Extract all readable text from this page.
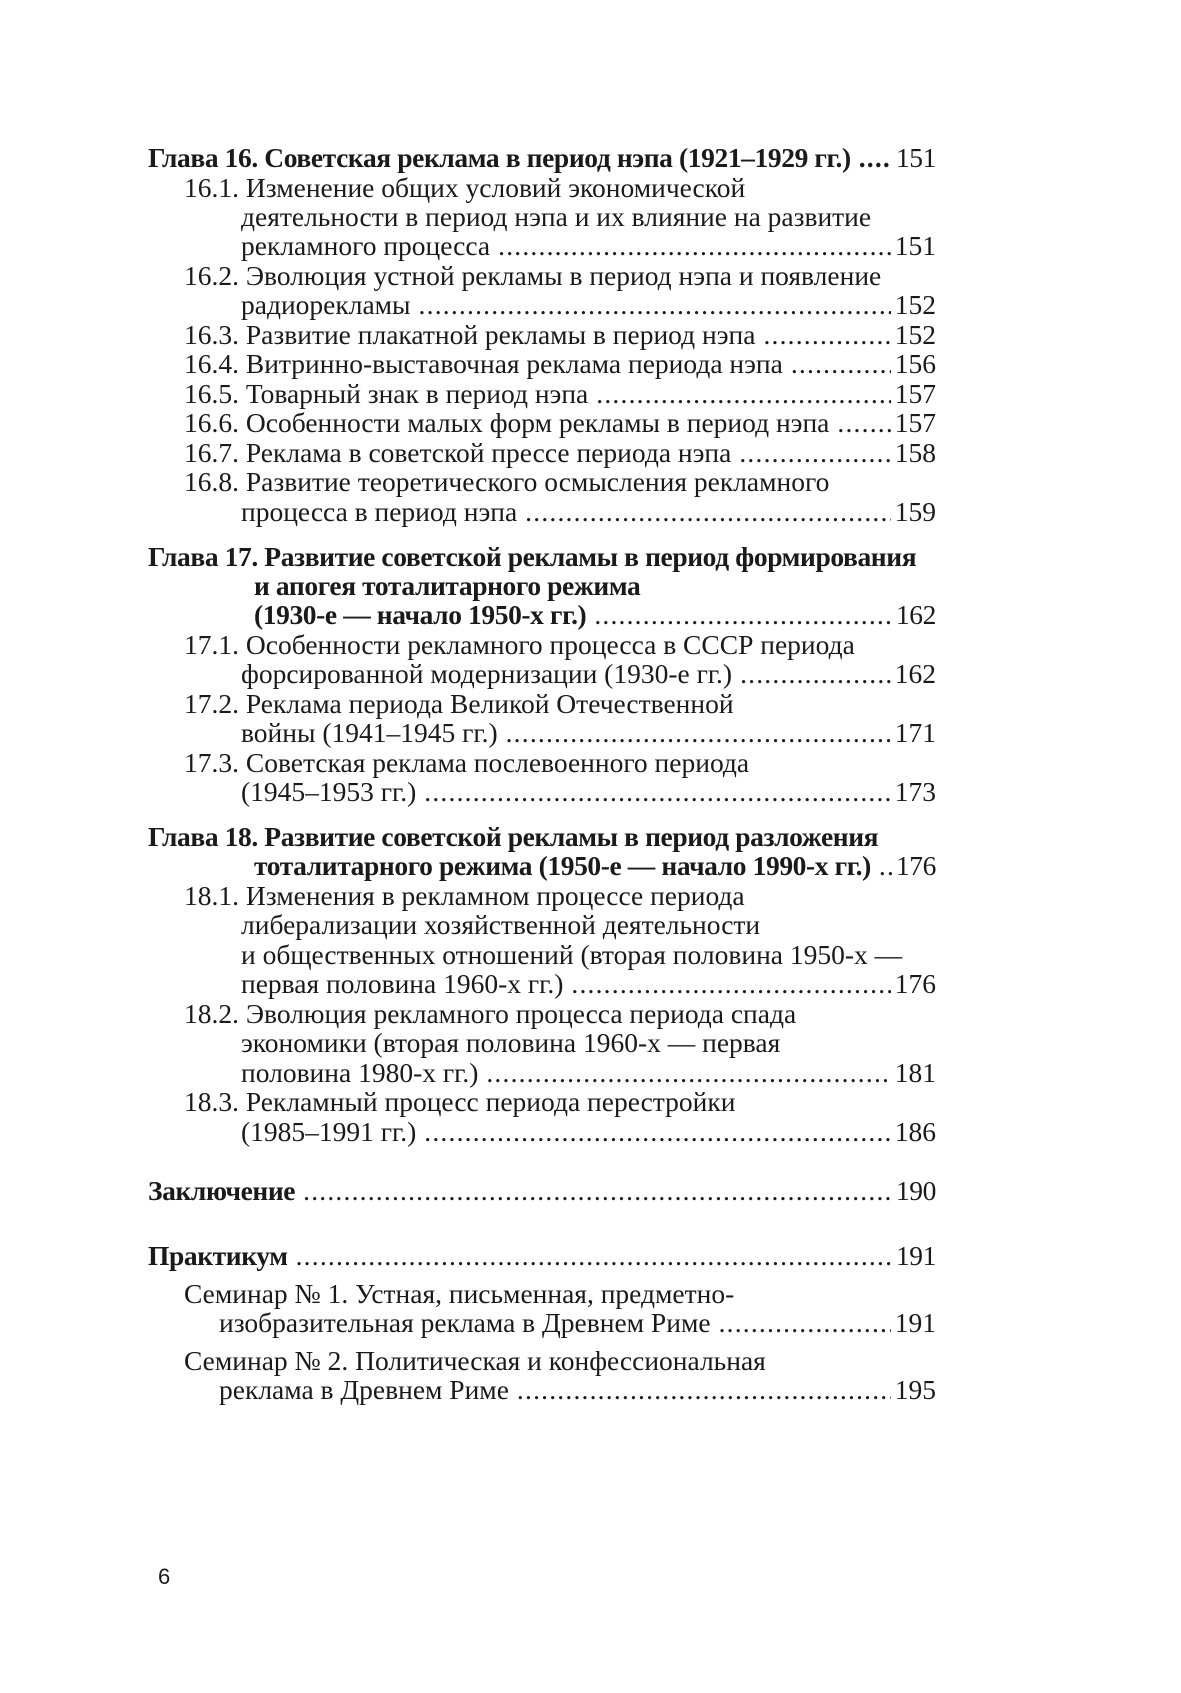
Глава 16. Советская реклама в период нэпа (1921–1929 гг.) ..... 151
16.1. Изменение общих условий экономической
деятельности в период нэпа и их влияние на развитие
рекламного процесса .....	151
16.2. Эволюция устной рекламы в период нэпа и появление
радиорекламы .....	152
16.3. Развитие плакатной рекламы в период нэпа .....	152
16.4. Витринно-выставочная реклама периода нэпа .....	156
16.5. Товарный знак в период нэпа .....	157
16.6. Особенности малых форм рекламы в период нэпа ..... 157
16.7. Реклама в советской прессе периода нэпа .....	158
16.8. Развитие теоретического осмысления рекламного
процесса в период нэпа .....	159
Глава 17. Развитие советской рекламы в период формирования
и апогея тоталитарного режима
(1930-е — начало 1950-х гг.) .....	162
17.1. Особенности рекламного процесса в СССР периода
форсированной модернизации (1930-е гг.) .....	162
17.2. Реклама периода Великой Отечественной
войны (1941–1945 гг.) .....	171
17.3. Советская реклама послевоенного периода
(1945–1953 гг.) .....	173
Глава 18. Развитие советской рекламы в период разложения
тоталитарного режима (1950-е — начало 1990-х гг.) ..... 176
18.1. Изменения в рекламном процессе периода
либерализации хозяйственной деятельности
и общественных отношений (вторая половина 1950-х —
первая половина 1960-х гг.) .....	176
18.2. Эволюция рекламного процесса периода спада
экономики (вторая половина 1960-х — первая
половина 1980-х гг.) .....	181
18.3. Рекламный процесс периода перестройки
(1985–1991 гг.) .....	186
Заключение .....	190
Практикум .....	191
Семинар № 1. Устная, письменная, предметно-
изобразительная реклама в Древнем Риме .....	191
Семинар № 2. Политическая и конфессиональная
реклама в Древнем Риме .....	195
6
